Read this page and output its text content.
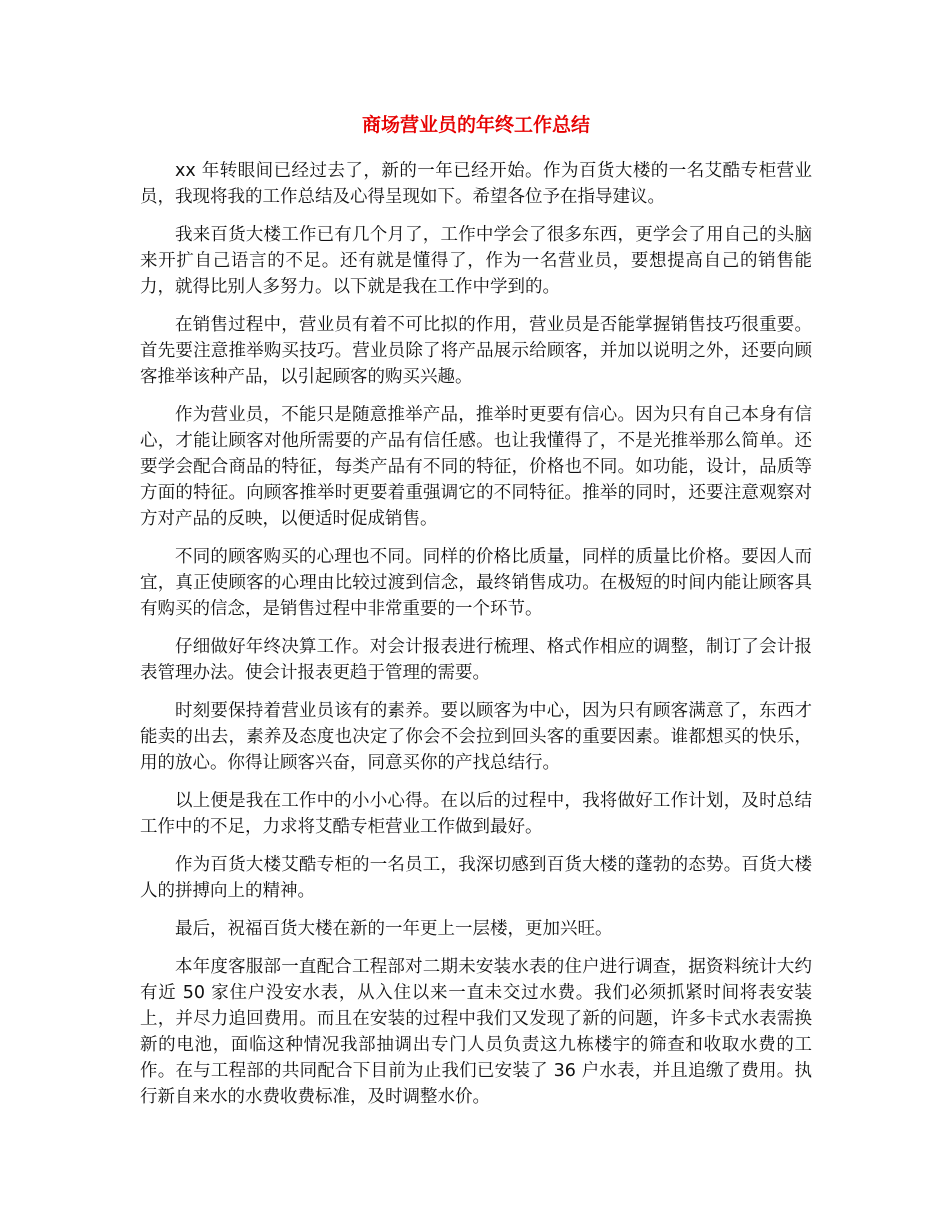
商场营业员的年终工作总结

xx 年转眼间已经过去了，新的一年已经开始。作为百货大楼的一名艾酷专柜营业员，我现将我的工作总结及心得呈现如下。希望各位予在指导建议。

我来百货大楼工作已有几个月了，工作中学会了很多东西，更学会了用自己的头脑来开扩自己语言的不足。还有就是懂得了，作为一名营业员，要想提高自己的销售能力，就得比别人多努力。以下就是我在工作中学到的。

在销售过程中，营业员有着不可比拟的作用，营业员是否能掌握销售技巧很重要。首先要注意推举购买技巧。营业员除了将产品展示给顾客，并加以说明之外，还要向顾客推举该种产品，以引起顾客的购买兴趣。

作为营业员，不能只是随意推举产品，推举时更要有信心。因为只有自己本身有信心，才能让顾客对他所需要的产品有信任感。也让我懂得了，不是光推举那么简单。还要学会配合商品的特征，每类产品有不同的特征，价格也不同。如功能，设计，品质等方面的特征。向顾客推举时更要着重强调它的不同特征。推举的同时，还要注意观察对方对产品的反映，以便适时促成销售。

不同的顾客购买的心理也不同。同样的价格比质量，同样的质量比价格。要因人而宜，真正使顾客的心理由比较过渡到信念，最终销售成功。在极短的时间内能让顾客具有购买的信念，是销售过程中非常重要的一个环节。

仔细做好年终决算工作。对会计报表进行梳理、格式作相应的调整，制订了会计报表管理办法。使会计报表更趋于管理的需要。

时刻要保持着营业员该有的素养。要以顾客为中心，因为只有顾客满意了，东西才能卖的出去，素养及态度也决定了你会不会拉到回头客的重要因素。谁都想买的快乐，用的放心。你得让顾客兴奋，同意买你的产找总结行。

以上便是我在工作中的小小心得。在以后的过程中，我将做好工作计划，及时总结工作中的不足，力求将艾酷专柜营业工作做到最好。

作为百货大楼艾酷专柜的一名员工，我深切感到百货大楼的蓬勃的态势。百货大楼人的拼搏向上的精神。

最后，祝福百货大楼在新的一年更上一层楼，更加兴旺。

本年度客服部一直配合工程部对二期未安装水表的住户进行调查，据资料统计大约有近 50 家住户没安水表，从入住以来一直未交过水费。我们必须抓紧时间将表安装上，并尽力追回费用。而且在安装的过程中我们又发现了新的问题，许多卡式水表需换新的电池，面临这种情况我部抽调出专门人员负责这九栋楼宇的筛查和收取水费的工作。在与工程部的共同配合下目前为止我们已安装了 36 户水表，并且追缴了费用。执行新自来水的水费收费标准，及时调整水价。
